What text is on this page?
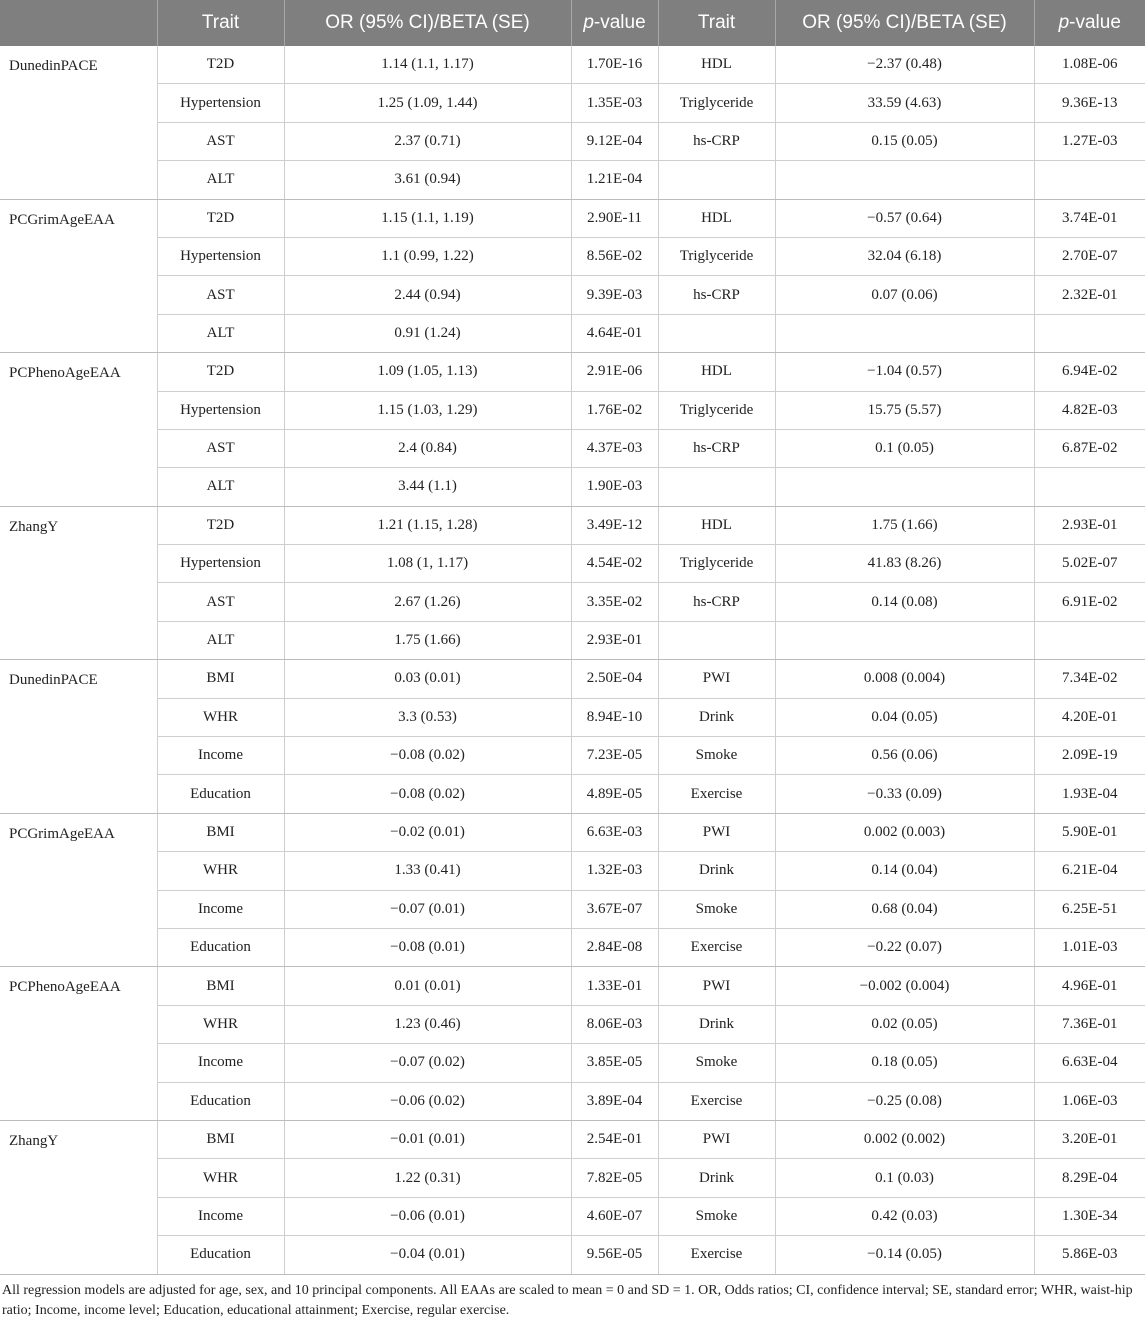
	Trait	OR (95% CI)/BETA (SE)	p-value	Trait	OR (95% CI)/BETA (SE)	p-value
DunedinPACE	T2D	1.14 (1.1, 1.17)	1.70E-16	HDL	−2.37 (0.48)	1.08E-06
	Hypertension	1.25 (1.09, 1.44)	1.35E-03	Triglyceride	33.59 (4.63)	9.36E-13
	AST	2.37 (0.71)	9.12E-04	hs-CRP	0.15 (0.05)	1.27E-03
	ALT	3.61 (0.94)	1.21E-04			
PCGrimAgeEAA	T2D	1.15 (1.1, 1.19)	2.90E-11	HDL	−0.57 (0.64)	3.74E-01
	Hypertension	1.1 (0.99, 1.22)	8.56E-02	Triglyceride	32.04 (6.18)	2.70E-07
	AST	2.44 (0.94)	9.39E-03	hs-CRP	0.07 (0.06)	2.32E-01
	ALT	0.91 (1.24)	4.64E-01			
PCPhenoAgeEAA	T2D	1.09 (1.05, 1.13)	2.91E-06	HDL	−1.04 (0.57)	6.94E-02
	Hypertension	1.15 (1.03, 1.29)	1.76E-02	Triglyceride	15.75 (5.57)	4.82E-03
	AST	2.4 (0.84)	4.37E-03	hs-CRP	0.1 (0.05)	6.87E-02
	ALT	3.44 (1.1)	1.90E-03			
ZhangY	T2D	1.21 (1.15, 1.28)	3.49E-12	HDL	1.75 (1.66)	2.93E-01
	Hypertension	1.08 (1, 1.17)	4.54E-02	Triglyceride	41.83 (8.26)	5.02E-07
	AST	2.67 (1.26)	3.35E-02	hs-CRP	0.14 (0.08)	6.91E-02
	ALT	1.75 (1.66)	2.93E-01			
DunedinPACE	BMI	0.03 (0.01)	2.50E-04	PWI	0.008 (0.004)	7.34E-02
	WHR	3.3 (0.53)	8.94E-10	Drink	0.04 (0.05)	4.20E-01
	Income	−0.08 (0.02)	7.23E-05	Smoke	0.56 (0.06)	2.09E-19
	Education	−0.08 (0.02)	4.89E-05	Exercise	−0.33 (0.09)	1.93E-04
PCGrimAgeEAA	BMI	−0.02 (0.01)	6.63E-03	PWI	0.002 (0.003)	5.90E-01
	WHR	1.33 (0.41)	1.32E-03	Drink	0.14 (0.04)	6.21E-04
	Income	−0.07 (0.01)	3.67E-07	Smoke	0.68 (0.04)	6.25E-51
	Education	−0.08 (0.01)	2.84E-08	Exercise	−0.22 (0.07)	1.01E-03
PCPhenoAgeEAA	BMI	0.01 (0.01)	1.33E-01	PWI	−0.002 (0.004)	4.96E-01
	WHR	1.23 (0.46)	8.06E-03	Drink	0.02 (0.05)	7.36E-01
	Income	−0.07 (0.02)	3.85E-05	Smoke	0.18 (0.05)	6.63E-04
	Education	−0.06 (0.02)	3.89E-04	Exercise	−0.25 (0.08)	1.06E-03
ZhangY	BMI	−0.01 (0.01)	2.54E-01	PWI	0.002 (0.002)	3.20E-01
	WHR	1.22 (0.31)	7.82E-05	Drink	0.1 (0.03)	8.29E-04
	Income	−0.06 (0.01)	4.60E-07	Smoke	0.42 (0.03)	1.30E-34
	Education	−0.04 (0.01)	9.56E-05	Exercise	−0.14 (0.05)	5.86E-03
All regression models are adjusted for age, sex, and 10 principal components. All EAAs are scaled to mean = 0 and SD = 1. OR, Odds ratios; CI, confidence interval; SE, standard error; WHR, waist-hip ratio; Income, income level; Education, educational attainment; Exercise, regular exercise.
